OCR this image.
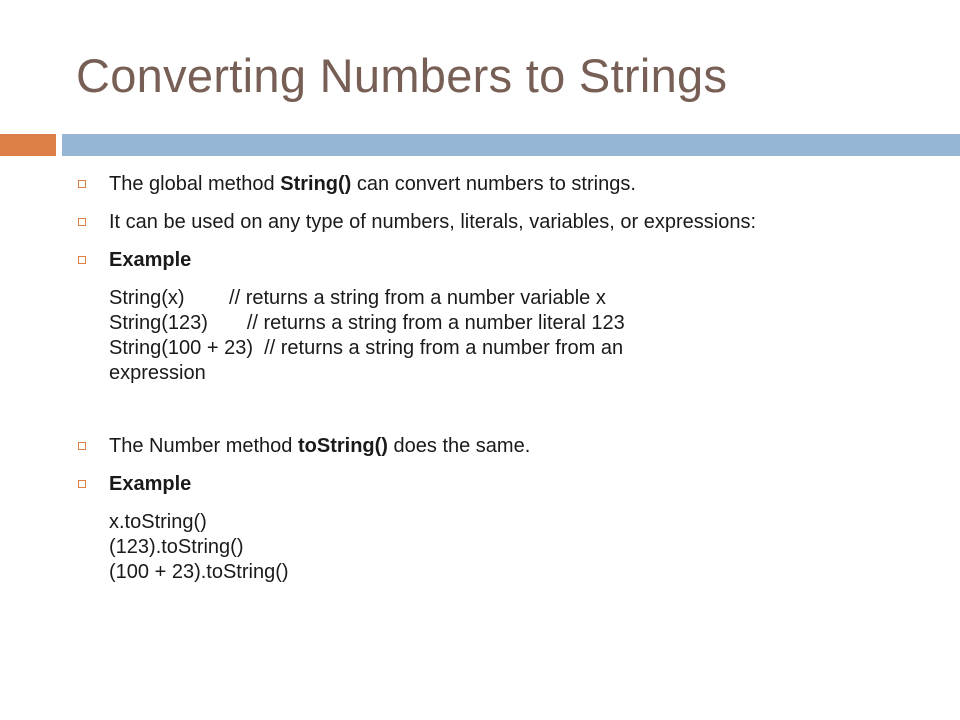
Converting Numbers to Strings
The global method String() can convert numbers to strings.
It can be used on any type of numbers, literals, variables, or expressions:
Example
String(x)        // returns a string from a number variable x
String(123)       // returns a string from a number literal 123
String(100 + 23)  // returns a string from a number from an
expression
The Number method toString() does the same.
Example
x.toString()
(123).toString()
(100 + 23).toString()
